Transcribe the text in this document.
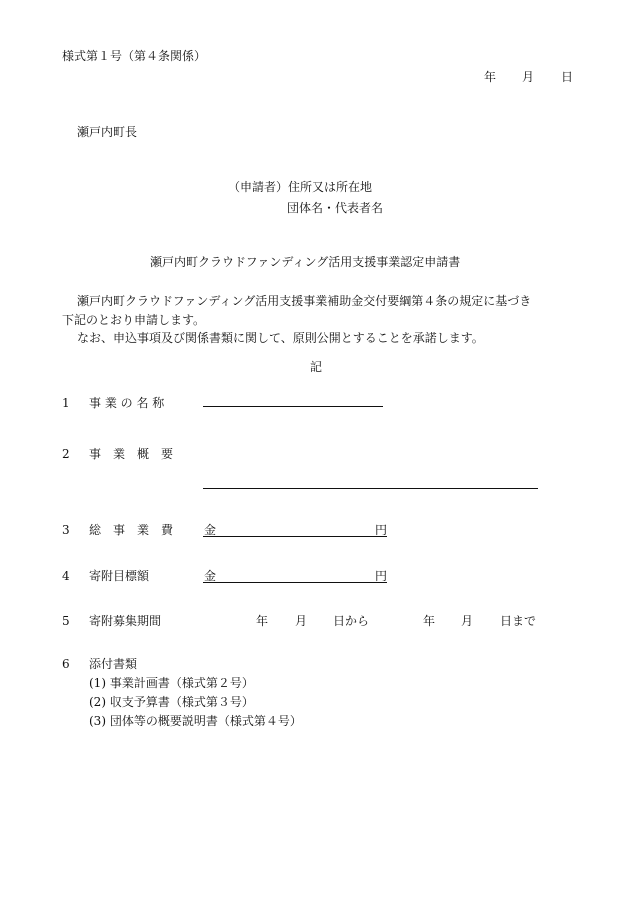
様式第１号（第４条関係）
年 月 日
瀬戸内町長
（申請者）住所又は所在地
団体名・代表者名
瀬戸内町クラウドファンディング活用支援事業認定申請書
瀬戸内町クラウドファンディング活用支援事業補助金交付要綱第４条の規定に基づき
下記のとおり申請します。
なお、申込事項及び関係書類に関して、原則公開とすることを承諾します。
記
1 事 業 の 名 称
2 事　業　概　要
3 総　事　業　費	金	円
4 寄附目標額	金	円
5 寄附募集期間	年 月 日から	年 月 日まで
6 添付書類
(1) 事業計画書（様式第２号）
(2) 収支予算書（様式第３号）
(3) 団体等の概要説明書（様式第４号）
